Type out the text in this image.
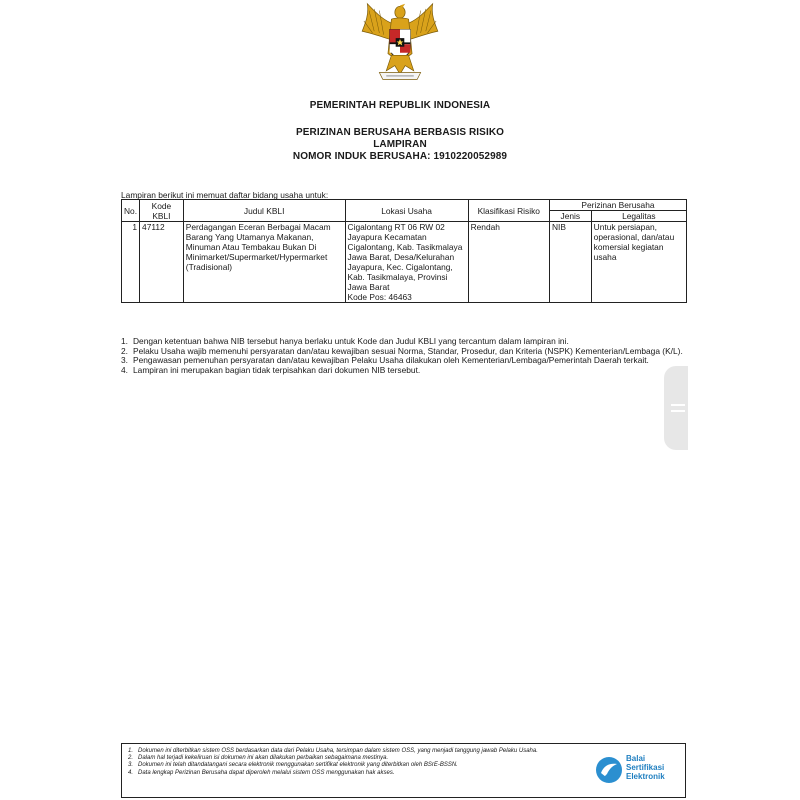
PEMERINTAH REPUBLIK INDONESIA
PERIZINAN BERUSAHA BERBASIS RISIKO
LAMPIRAN
NOMOR INDUK BERUSAHA: 1910220052989
Lampiran berikut ini memuat daftar bidang usaha untuk:
No.	Kode KBLI	Judul KBLI	Lokasi Usaha	Klasifikasi Risiko	Perizinan Berusaha	
					Jenis	Legalitas
1	47112	Perdagangan Eceran Berbagai Macam Barang Yang Utamanya Makanan, Minuman Atau Tembakau Bukan Di Minimarket/Supermarket/Hypermarket (Tradisional)	Cigalontang RT 06 RW 02 Jayapura Kecamatan Cigalontang, Kab. Tasikmalaya Jawa Barat, Desa/Kelurahan Jayapura, Kec. Cigalontang, Kab. Tasikmalaya, Provinsi Jawa Barat
Kode Pos: 46463	Rendah	NIB	Untuk persiapan, operasional, dan/atau komersial kegiatan usaha
1. Dengan ketentuan bahwa NIB tersebut hanya berlaku untuk Kode dan Judul KBLI yang tercantum dalam lampiran ini.
2. Pelaku Usaha wajib memenuhi persyaratan dan/atau kewajiban sesuai Norma, Standar, Prosedur, dan Kriteria (NSPK) Kementerian/Lembaga (K/L).
3. Pengawasan pemenuhan persyaratan dan/atau kewajiban Pelaku Usaha dilakukan oleh Kementerian/Lembaga/Pemerintah Daerah terkait.
4. Lampiran ini merupakan bagian tidak terpisahkan dari dokumen NIB tersebut.
1. Dokumen ini diterbitkan sistem OSS berdasarkan data dari Pelaku Usaha, tersimpan dalam sistem OSS, yang menjadi tanggung jawab Pelaku Usaha.
2. Dalam hal terjadi kekeliruan isi dokumen ini akan dilakukan perbaikan sebagaimana mestinya.
3. Dokumen ini telah ditandatangani secara elektronik menggunakan sertifikat elektronik yang diterbitkan oleh BSrE-BSSN.
4. Data lengkap Perizinan Berusaha dapat diperoleh melalui sistem OSS menggunakan hak akses.
Balai
Sertifikasi
Elektronik
